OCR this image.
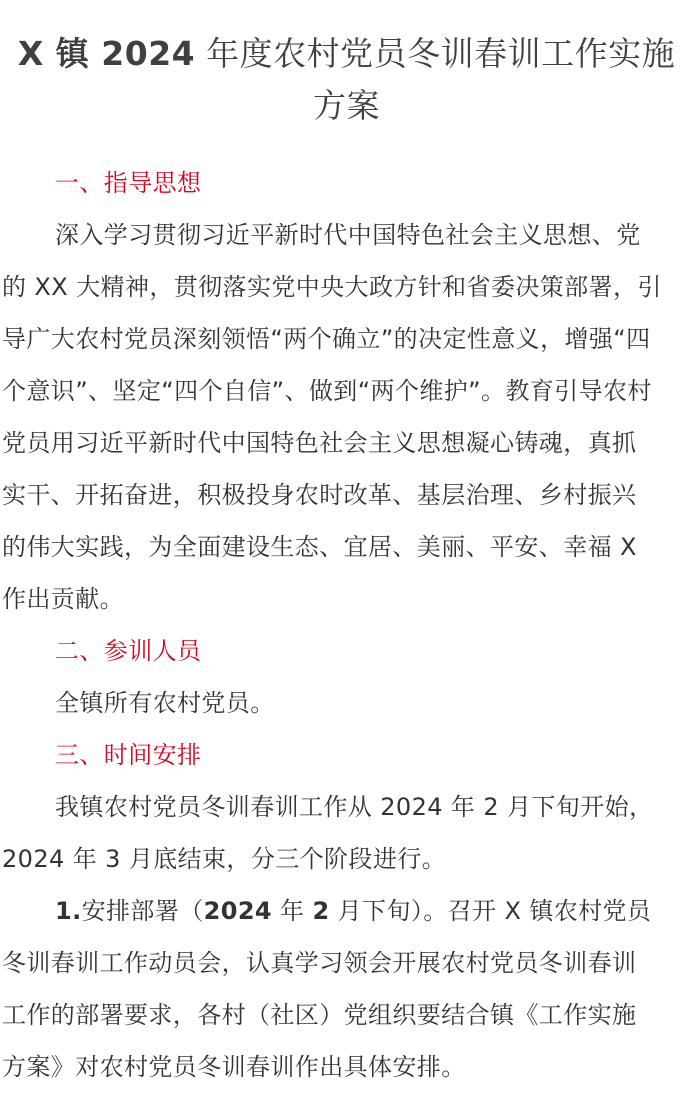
X 镇 2024 年度农村党员冬训春训工作实施
方案
一、指导思想
深入学习贯彻习近平新时代中国特色社会主义思想、党
的 XX 大精神，贯彻落实党中央大政方针和省委决策部署，引
导广大农村党员深刻领悟“两个确立”的决定性意义，增强“四
个意识”、坚定“四个自信”、做到“两个维护”。教育引导农村
党员用习近平新时代中国特色社会主义思想凝心铸魂，真抓
实干、开拓奋进，积极投身农时改革、基层治理、乡村振兴
的伟大实践，为全面建设生态、宜居、美丽、平安、幸福 X
作出贡献。
二、参训人员
全镇所有农村党员。
三、时间安排
我镇农村党员冬训春训工作从 2024 年 2 月下旬开始，
2024 年 3 月底结束，分三个阶段进行。
1.安排部署（2024 年 2 月下旬）。召开 X 镇农村党员
冬训春训工作动员会，认真学习领会开展农村党员冬训春训
工作的部署要求，各村（社区）党组织要结合镇《工作实施
方案》对农村党员冬训春训作出具体安排。
